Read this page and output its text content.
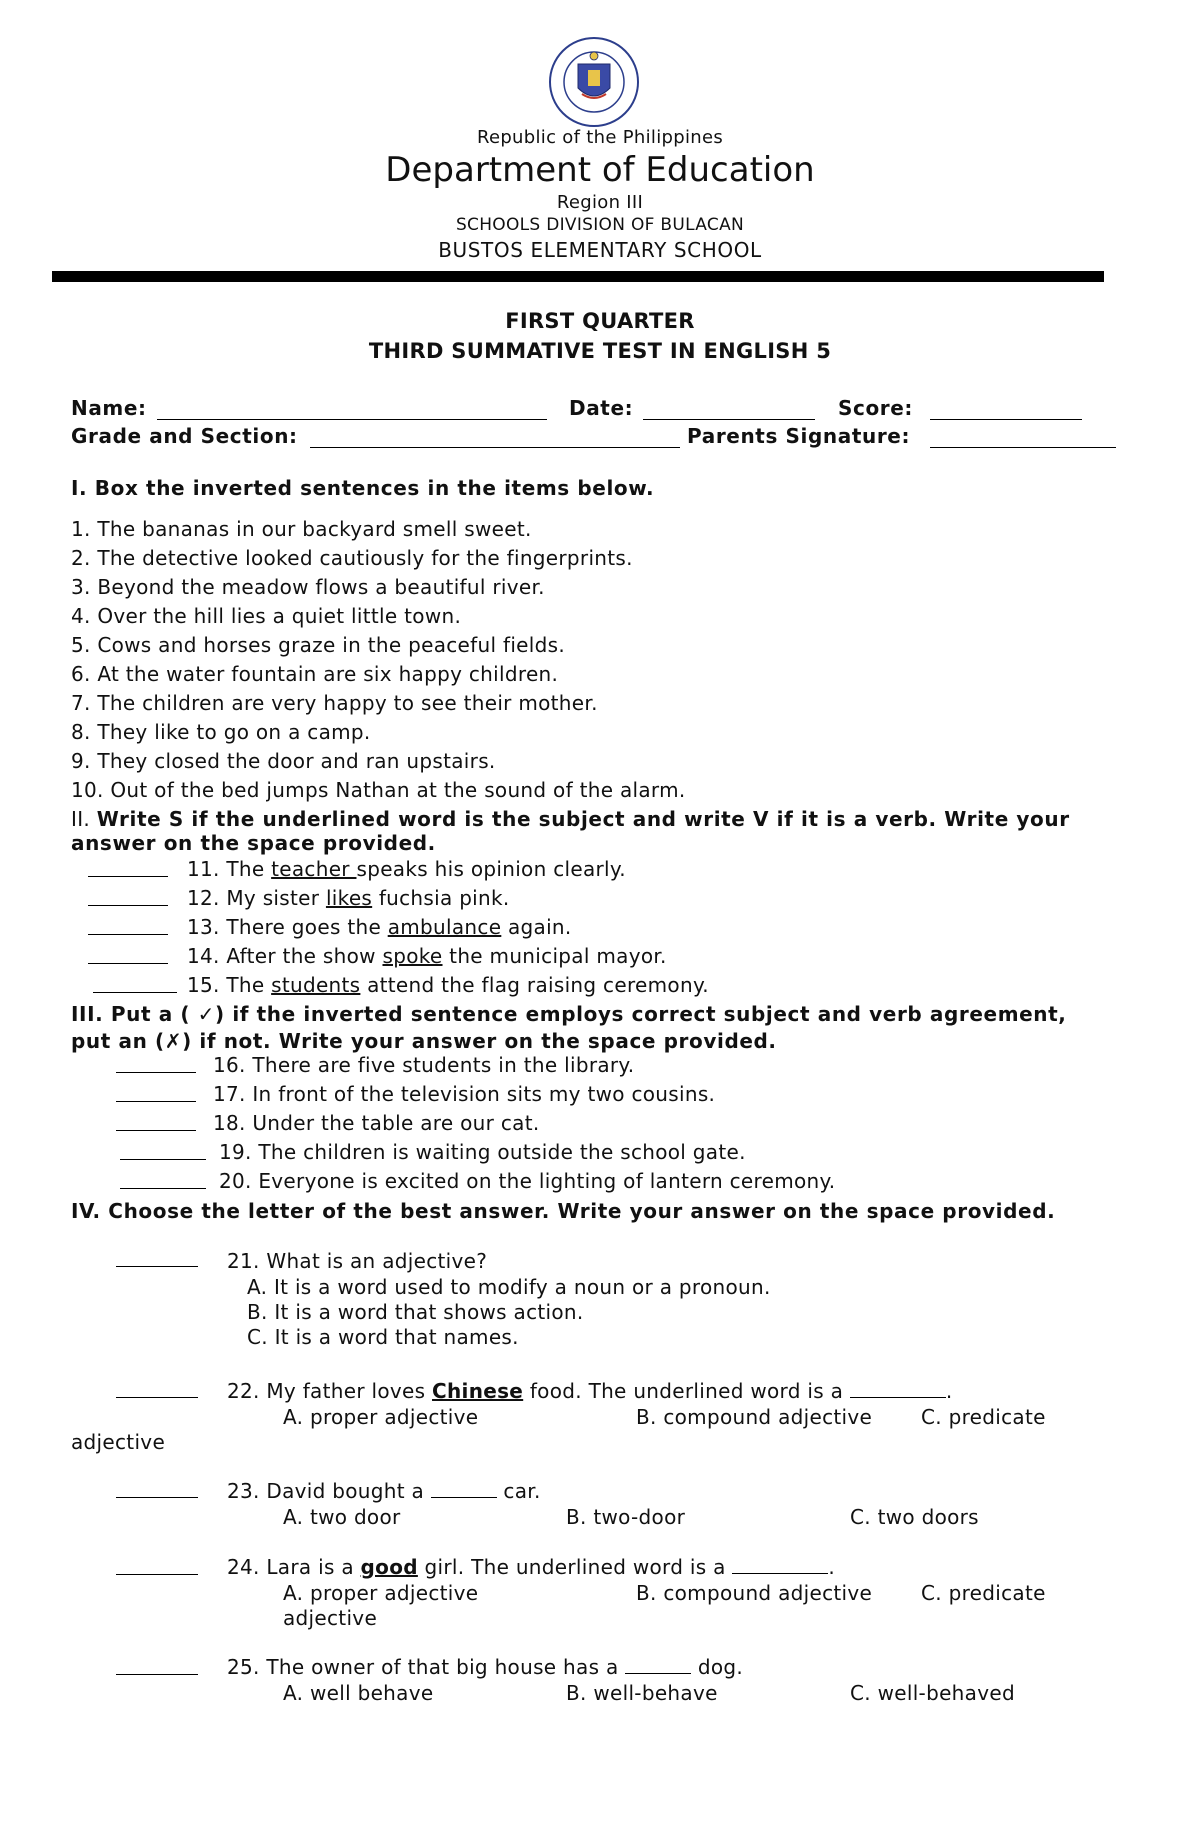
Republic of the Philippines
Department of Education
Region III
SCHOOLS DIVISION OF BULACAN
BUSTOS ELEMENTARY SCHOOL
FIRST QUARTER
THIRD SUMMATIVE TEST IN ENGLISH 5
Name:	Date:	Score:
Grade and Section:	Parents Signature:
I. Box the inverted sentences in the items below.
1. The bananas in our backyard smell sweet.
2. The detective looked cautiously for the fingerprints.
3. Beyond the meadow flows a beautiful river.
4. Over the hill lies a quiet little town.
5. Cows and horses graze in the peaceful fields.
6. At the water fountain are six happy children.
7. The children are very happy to see their mother.
8. They like to go on a camp.
9. They closed the door and ran upstairs.
10. Out of the bed jumps Nathan at the sound of the alarm.
II. Write S if the underlined word is the subject and write V if it is a verb. Write your
answer on the space provided.
11. The teacher speaks his opinion clearly.
12. My sister likes fuchsia pink.
13. There goes the ambulance again.
14. After the show spoke the municipal mayor.
15. The students attend the flag raising ceremony.
III. Put a ( ✓) if the inverted sentence employs correct subject and verb agreement,
put an (✗) if not. Write your answer on the space provided.
16. There are five students in the library.
17. In front of the television sits my two cousins.
18. Under the table are our cat.
19. The children is waiting outside the school gate.
20. Everyone is excited on the lighting of lantern ceremony.
IV. Choose the letter of the best answer. Write your answer on the space provided.
21. What is an adjective?
A. It is a word used to modify a noun or a pronoun.
B. It is a word that shows action.
C. It is a word that names.
22. My father loves Chinese food. The underlined word is a	.
A. proper adjective	B. compound adjective C. predicate
adjective
23. David bought a	car.
A. two door	B. two-door	C. two doors
24. Lara is a good girl. The underlined word is a	.
A. proper adjective	B. compound adjective C. predicate
adjective
25. The owner of that big house has a	dog.
A. well behave	B. well-behave	C. well-behaved
